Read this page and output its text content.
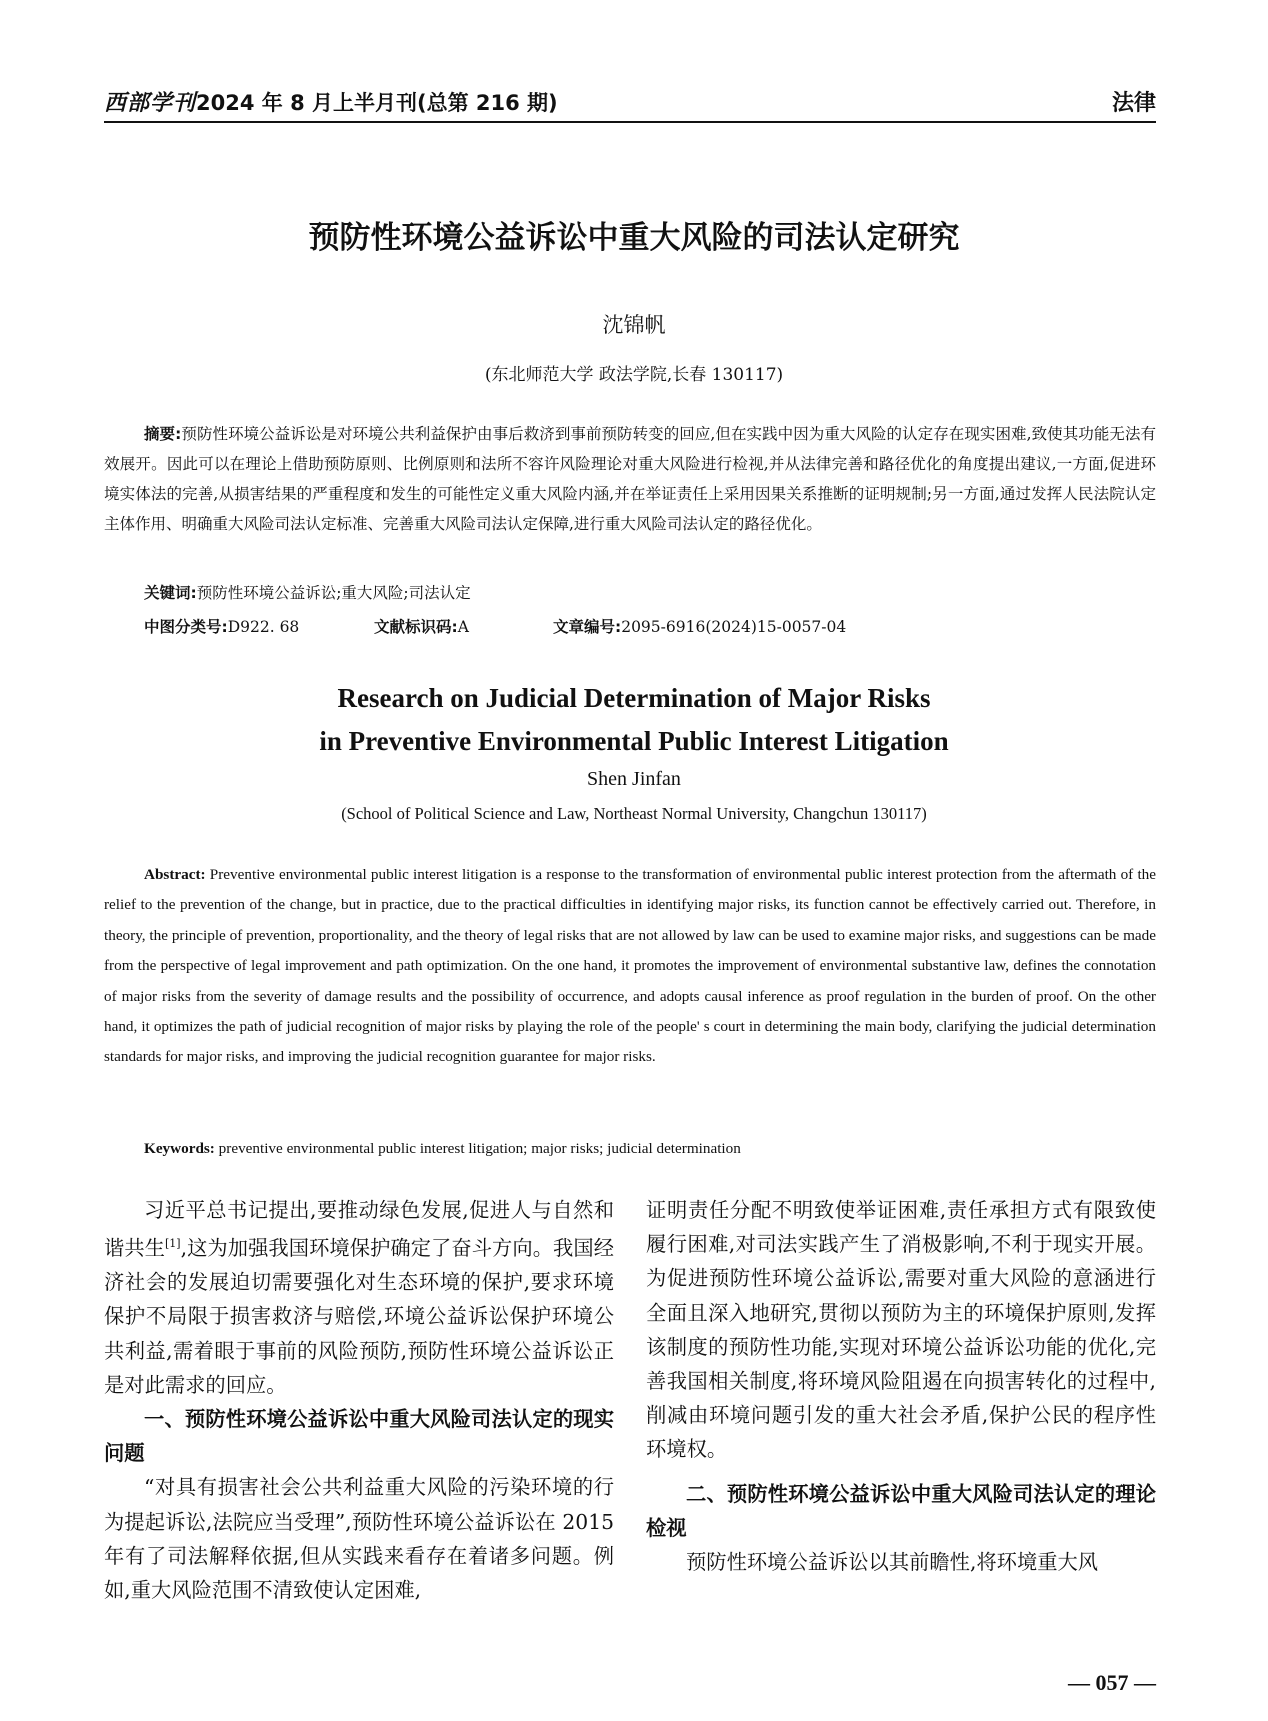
西部学刊2024 年 8 月上半月刊(总第 216 期)	法律
预防性环境公益诉讼中重大风险的司法认定研究
沈锦帆
(东北师范大学 政法学院,长春 130117)
摘要:预防性环境公益诉讼是对环境公共利益保护由事后救济到事前预防转变的回应,但在实践中因为重大风险的认定存在现实困难,致使其功能无法有效展开。因此可以在理论上借助预防原则、比例原则和法所不容许风险理论对重大风险进行检视,并从法律完善和路径优化的角度提出建议,一方面,促进环境实体法的完善,从损害结果的严重程度和发生的可能性定义重大风险内涵,并在举证责任上采用因果关系推断的证明规制;另一方面,通过发挥人民法院认定主体作用、明确重大风险司法认定标准、完善重大风险司法认定保障,进行重大风险司法认定的路径优化。
关键词:预防性环境公益诉讼;重大风险;司法认定
中图分类号:D922. 68	文献标识码:A	文章编号:2095-6916(2024)15-0057-04
Research on Judicial Determination of Major Risks
in Preventive Environmental Public Interest Litigation
Shen Jinfan
(School of Political Science and Law, Northeast Normal University, Changchun 130117)
Abstract: Preventive environmental public interest litigation is a response to the transformation of environmental public interest protection from the aftermath of the relief to the prevention of the change, but in practice, due to the practical difficulties in identifying major risks, its function cannot be effectively carried out. Therefore, in theory, the principle of prevention, proportionality, and the theory of legal risks that are not allowed by law can be used to examine major risks, and suggestions can be made from the perspective of legal improvement and path optimization. On the one hand, it promotes the improvement of environmental substantive law, defines the connotation of major risks from the severity of damage results and the possibility of occurrence, and adopts causal inference as proof regulation in the burden of proof. On the other hand, it optimizes the path of judicial recognition of major risks by playing the role of the people' s court in determining the main body, clarifying the judicial determination standards for major risks, and improving the judicial recognition guarantee for major risks.
Keywords: preventive environmental public interest litigation; major risks; judicial determination

习近平总书记提出,要推动绿色发展,促进人与自然和谐共生[1],这为加强我国环境保护确定了奋斗方向。我国经济社会的发展迫切需要强化对生态环境的保护,要求环境保护不局限于损害救济与赔偿,环境公益诉讼保护环境公共利益,需着眼于事前的风险预防,预防性环境公益诉讼正是对此需求的回应。

一、预防性环境公益诉讼中重大风险司法认定的现实问题

“对具有损害社会公共利益重大风险的污染环境的行为提起诉讼,法院应当受理”,预防性环境公益诉讼在 2015 年有了司法解释依据,但从实践来看存在着诸多问题。例如,重大风险范围不清致使认定困难,

证明责任分配不明致使举证困难,责任承担方式有限致使履行困难,对司法实践产生了消极影响,不利于现实开展。为促进预防性环境公益诉讼,需要对重大风险的意涵进行全面且深入地研究,贯彻以预防为主的环境保护原则,发挥该制度的预防性功能,实现对环境公益诉讼功能的优化,完善我国相关制度,将环境风险阻遏在向损害转化的过程中,削减由环境问题引发的重大社会矛盾,保护公民的程序性环境权。

二、预防性环境公益诉讼中重大风险司法认定的理论检视

预防性环境公益诉讼以其前瞻性,将环境重大风

— 057 —
